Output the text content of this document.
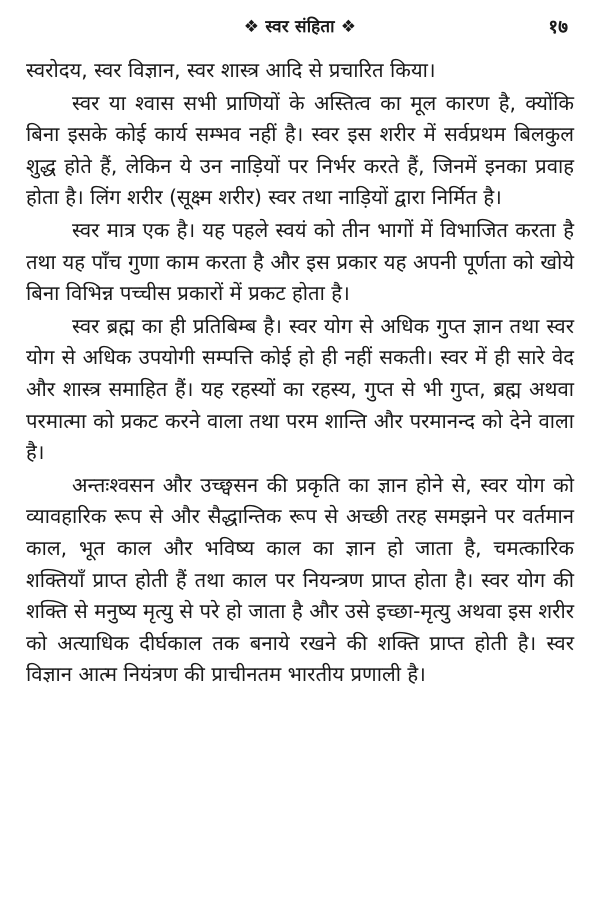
❖ स्वर संहिता ❖	१७

स्वरोदय, स्वर विज्ञान, स्वर शास्त्र आदि से प्रचारित किया।

स्वर या श्वास सभी प्राणियों के अस्तित्व का मूल कारण है, क्योंकि बिना इसके कोई कार्य सम्भव नहीं है। स्वर इस शरीर में सर्वप्रथम बिलकुल शुद्ध होते हैं, लेकिन ये उन नाड़ियों पर निर्भर करते हैं, जिनमें इनका प्रवाह होता है। लिंग शरीर (सूक्ष्म शरीर) स्वर तथा नाड़ियों द्वारा निर्मित है।

स्वर मात्र एक है। यह पहले स्वयं को तीन भागों में विभाजित करता है तथा यह पाँच गुणा काम करता है और इस प्रकार यह अपनी पूर्णता को खोये बिना विभिन्न पच्चीस प्रकारों में प्रकट होता है।

स्वर ब्रह्म का ही प्रतिबिम्ब है। स्वर योग से अधिक गुप्त ज्ञान तथा स्वर योग से अधिक उपयोगी सम्पत्ति कोई हो ही नहीं सकती। स्वर में ही सारे वेद और शास्त्र समाहित हैं। यह रहस्यों का रहस्य, गुप्त से भी गुप्त, ब्रह्म अथवा परमात्मा को प्रकट करने वाला तथा परम शान्ति और परमानन्द को देने वाला है।

अन्तःश्वसन और उच्छ्वसन की प्रकृति का ज्ञान होने से, स्वर योग को व्यावहारिक रूप से और सैद्धान्तिक रूप से अच्छी तरह समझने पर वर्तमान काल, भूत काल और भविष्य काल का ज्ञान हो जाता है, चमत्कारिक शक्तियाँ प्राप्त होती हैं तथा काल पर नियन्त्रण प्राप्त होता है। स्वर योग की शक्ति से मनुष्य मृत्यु से परे हो जाता है और उसे इच्छा-मृत्यु अथवा इस शरीर को अत्याधिक दीर्घकाल तक बनाये रखने की शक्ति प्राप्त होती है। स्वर विज्ञान आत्म नियंत्रण की प्राचीनतम भारतीय प्रणाली है।
